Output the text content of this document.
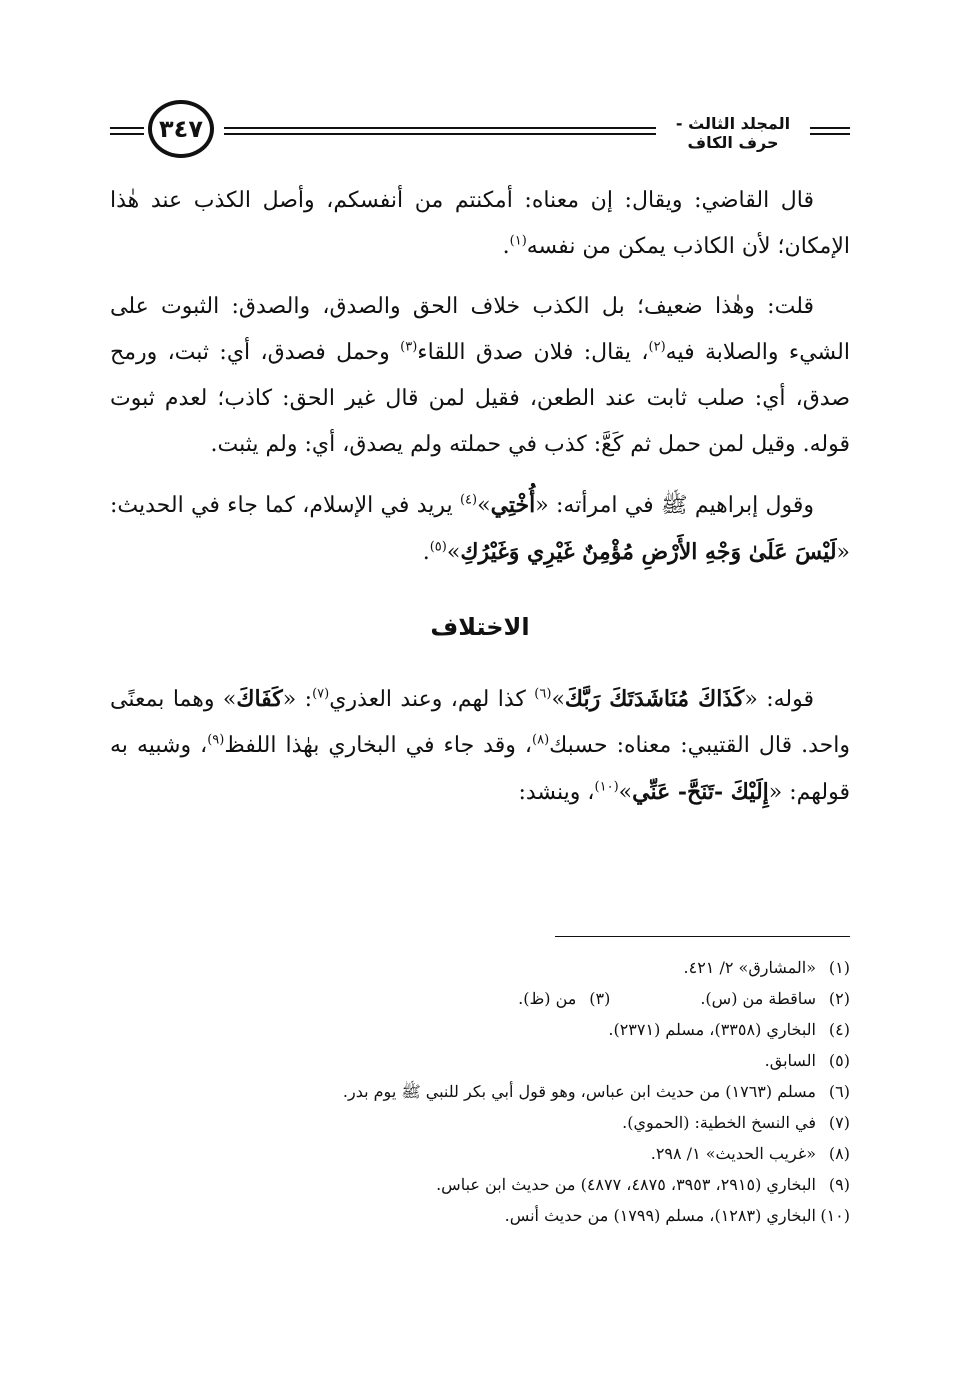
٣٤٧	المجلد الثالث - حرف الكاف

قال القاضي: ويقال: إن معناه: أمكنتم من أنفسكم، وأصل الكذب عند هٰذا الإمكان؛ لأن الكاذب يمكن من نفسه$^{(١)}$.

قلت: وهٰذا ضعيف؛ بل الكذب خلاف الحق والصدق، والصدق: الثبوت على الشيء والصلابة فيه$^{(٢)}$، يقال: فلان صدق اللقاء$^{(٣)}$ وحمل فصدق، أي: ثبت، ورمح صدق، أي: صلب ثابت عند الطعن، فقيل لمن قال غير الحق: كاذب؛ لعدم ثبوت قوله. وقيل لمن حمل ثم كَعَّ: كذب في حملته ولم يصدق، أي: ولم يثبت.

وقول إبراهيم ﷺ في امرأته: «أُخْتِي»$^{(٤)}$ يريد في الإسلام، كما جاء في الحديث: «لَيْسَ عَلَىٰ وَجْهِ الأَرْضِ مُؤْمِنٌ غَيْرِي وَغَيْرُكِ»$^{(٥)}$.

الاختلاف

قوله: «كَذَاكَ مُنَاشَدَتَكَ رَبَّكَ»$^{(٦)}$ كذا لهم، وعند العذري$^{(٧)}$: «كَفَاكَ» وهما بمعنًى واحد. قال القتيبي: معناه: حسبك$^{(٨)}$، وقد جاء في البخاري بهٰذا اللفظ$^{(٩)}$، وشبيه به قولهم: «إِلَيْكَ -تَنَحَّ- عَنِّي»$^{(١٠)}$، وينشد:

(١)«المشارق» ٢/ ٤٢١.
(٢)ساقطة من (س).(٣)من (ظ).
(٤)البخاري (٣٣٥٨)، مسلم (٢٣٧١).
(٥)السابق.
(٦)مسلم (١٧٦٣) من حديث ابن عباس، وهو قول أبي بكر للنبي ﷺ يوم بدر.
(٧)في النسخ الخطية: (الحموي).
(٨)«غريب الحديث» ١/ ٢٩٨.
(٩)البخاري (٢٩١٥، ٣٩٥٣، ٤٨٧٥، ٤٨٧٧) من حديث ابن عباس.
(١٠)البخاري (١٢٨٣)، مسلم (١٧٩٩) من حديث أنس.
